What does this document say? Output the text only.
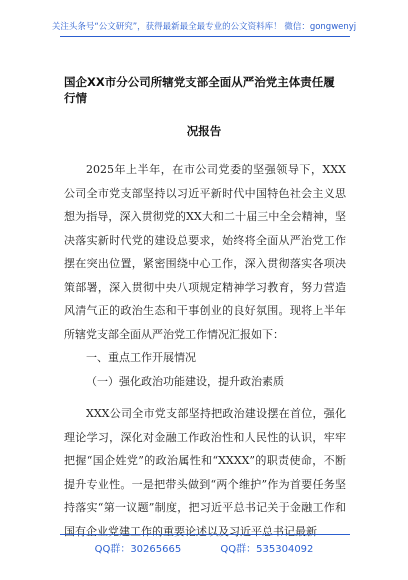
关注头条号“公文研究”，获得最新最全最专业的公文资料库！ 微信：gongwenyj
国企XX市分公司所辖党支部全面从严治党主体责任履行情
况报告
2025年上半年，在市公司党委的坚强领导下，XXX公司全市党支部坚持以习近平新时代中国特色社会主义思想为指导，深入贯彻党的XX大和二十届三中全会精神，坚决落实新时代党的建设总要求，始终将全面从严治党工作摆在突出位置，紧密围绕中心工作，深入贯彻落实各项决策部署，深入贯彻中央八项规定精神学习教育，努力营造风清气正的政治生态和干事创业的良好氛围。现将上半年所辖党支部全面从严治党工作情况汇报如下：
一、重点工作开展情况
（一）强化政治功能建设，提升政治素质
XXX公司全市党支部坚持把政治建设摆在首位，强化理论学习，深化对金融工作政治性和人民性的认识，牢牢把握“国企姓党”的政治属性和“XXXX”的职责使命，不断提升专业性。一是把带头做到“两个维护”作为首要任务坚持落实“第一议题”制度，把习近平总书记关于金融工作和国有企业党建工作的重要论述以及习近平总书记最新
QQ群：30265665	QQ群：535304092
